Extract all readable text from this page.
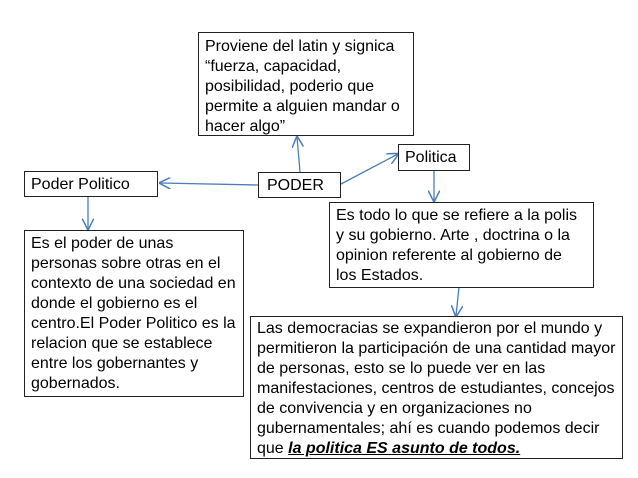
Proviene del latin y signica
“fuerza, capacidad,
posibilidad, poderio que
permite a alguien mandar o
hacer algo”
Politica
PODER
Poder Politico
Es el poder de unas
personas sobre otras en el
contexto de una sociedad en
donde el gobierno es el
centro.El Poder Politico es la
relacion que se establece
entre los gobernantes y
gobernados.
Es todo lo que se refiere a la polis
y su gobierno. Arte , doctrina o la
opinion referente al gobierno de
los Estados.
Las democracias se expandieron por el mundo y
permitieron la participación de una cantidad mayor
de personas, esto se lo puede ver en las
manifestaciones, centros de estudiantes, concejos
de convivencia y en organizaciones no
gubernamentales; ahí es cuando podemos decir
que la politica ES asunto de todos.
